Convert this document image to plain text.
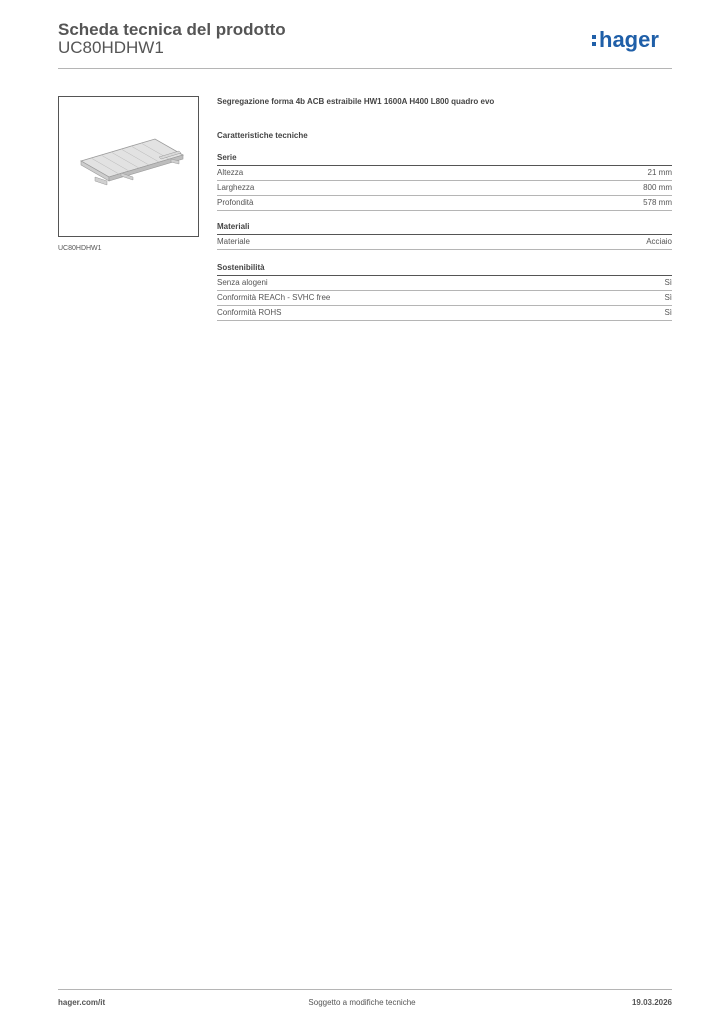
Scheda tecnica del prodotto
UC80HDHW1	hager
UC80HDHW1
Segregazione forma 4b ACB estraibile HW1 1600A H400 L800 quadro evo
Caratteristiche tecniche
Serie
Altezza	21 mm
Larghezza	800 mm
Profondità	578 mm
Materiali
Materiale	Acciaio
Sostenibilità
Senza alogeni	Sì
Conformità REACh - SVHC free	Sì
Conformità ROHS	Sì
hager.com/it	Soggetto a modifiche tecniche	19.03.2026
